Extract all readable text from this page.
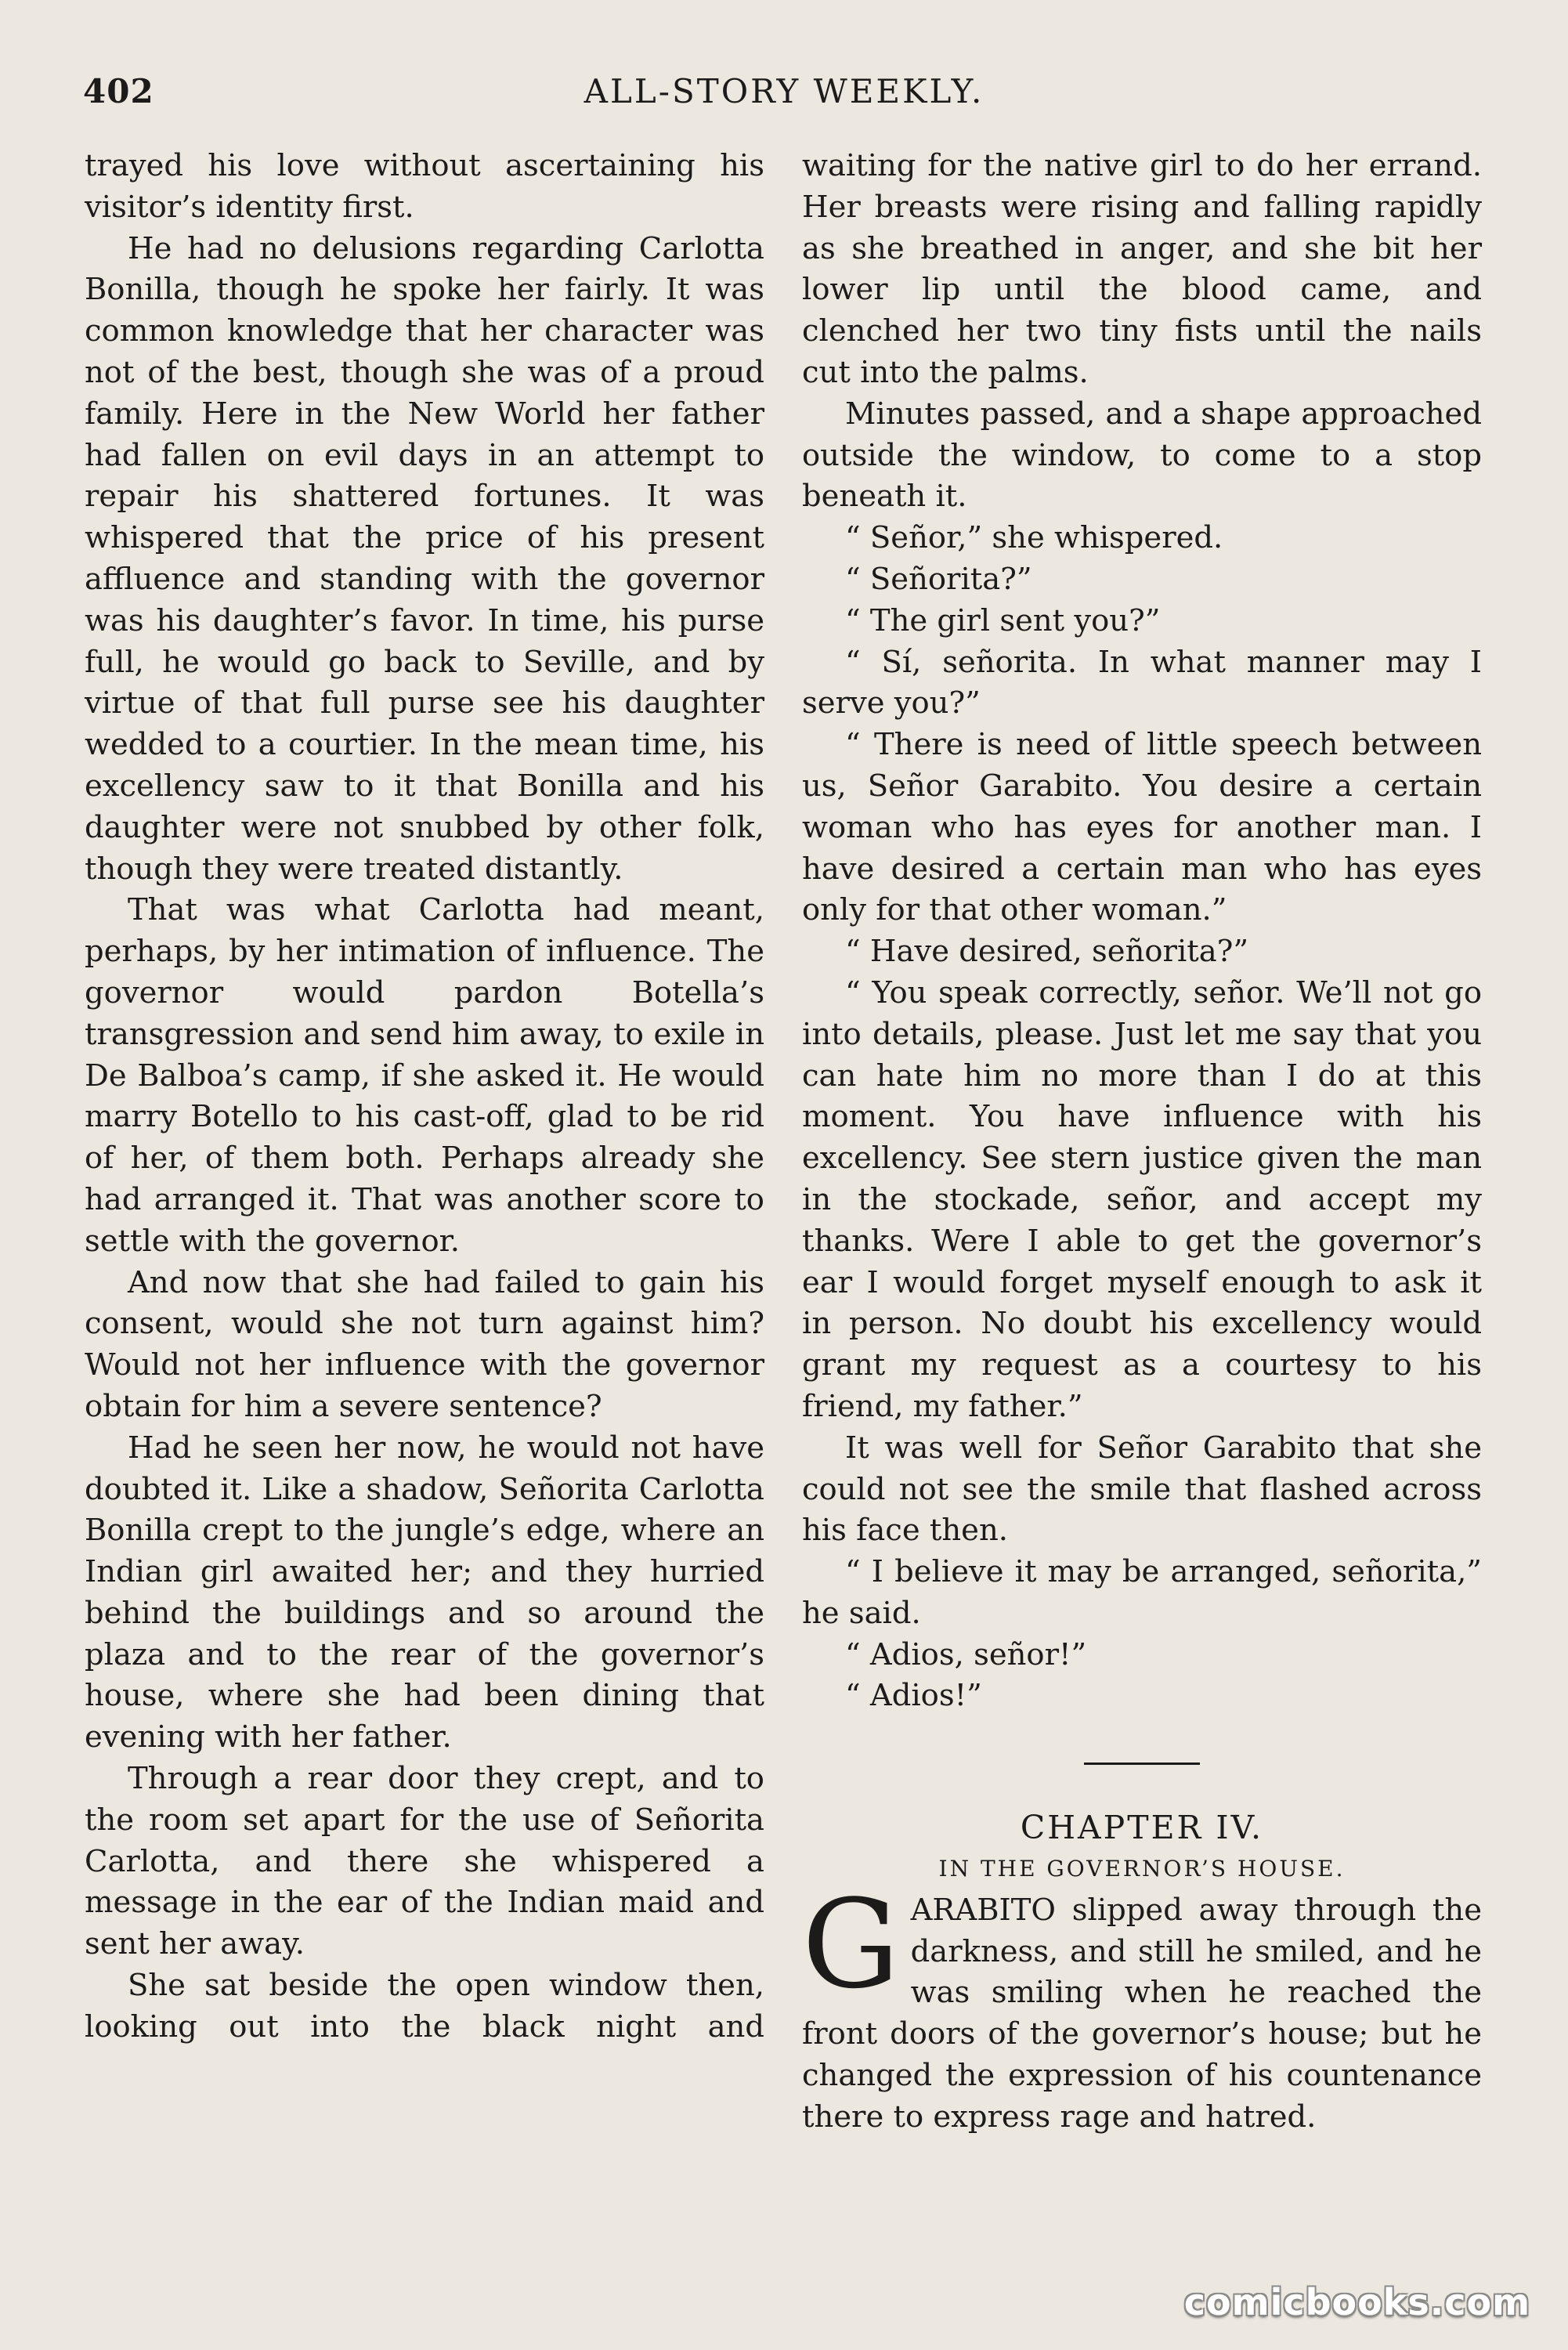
402	ALL-STORY WEEKLY.

trayed his love without ascertaining his visitor’s identity first.

He had no delusions regarding Carlotta Bonilla, though he spoke her fairly. It was common knowledge that her character was not of the best, though she was of a proud family. Here in the New World her father had fallen on evil days in an attempt to repair his shattered fortunes. It was whispered that the price of his present affluence and standing with the governor was his daughter’s favor. In time, his purse full, he would go back to Seville, and by virtue of that full purse see his daughter wedded to a courtier. In the mean time, his excellency saw to it that Bonilla and his daughter were not snubbed by other folk, though they were treated distantly.

That was what Carlotta had meant, perhaps, by her intimation of influence. The governor would pardon Botella’s transgression and send him away, to exile in De Balboa’s camp, if she asked it. He would marry Botello to his cast-off, glad to be rid of her, of them both. Perhaps already she had arranged it. That was another score to settle with the governor.

And now that she had failed to gain his consent, would she not turn against him? Would not her influence with the governor obtain for him a severe sentence?

Had he seen her now, he would not have doubted it. Like a shadow, Señorita Carlotta Bonilla crept to the jungle’s edge, where an Indian girl awaited her; and they hurried behind the buildings and so around the plaza and to the rear of the governor’s house, where she had been dining that evening with her father.

Through a rear door they crept, and to the room set apart for the use of Señorita Carlotta, and there she whispered a message in the ear of the Indian maid and sent her away.

She sat beside the open window then, looking out into the black night and

waiting for the native girl to do her errand. Her breasts were rising and falling rapidly as she breathed in anger, and she bit her lower lip until the blood came, and clenched her two tiny fists until the nails cut into the palms.

Minutes passed, and a shape approached outside the window, to come to a stop beneath it.

“ Señor,” she whispered.

“ Señorita?”

“ The girl sent you?”

“ Sí, señorita. In what manner may I serve you?”

“ There is need of little speech between us, Señor Garabito. You desire a certain woman who has eyes for another man. I have desired a certain man who has eyes only for that other woman.”

“ Have desired, señorita?”

“ You speak correctly, señor. We’ll not go into details, please. Just let me say that you can hate him no more than I do at this moment. You have influence with his excellency. See stern justice given the man in the stockade, señor, and accept my thanks. Were I able to get the governor’s ear I would forget myself enough to ask it in person. No doubt his excellency would grant my request as a courtesy to his friend, my father.”

It was well for Señor Garabito that she could not see the smile that flashed across his face then.

“ I believe it may be arranged, señorita,” he said.

“ Adios, señor!”

“ Adios!”

CHAPTER IV.

IN THE GOVERNOR’S HOUSE.

GARABITO slipped away through the darkness, and still he smiled, and he was smiling when he reached the front doors of the governor’s house; but he changed the expression of his countenance there to express rage and hatred.

comicbooks.com
